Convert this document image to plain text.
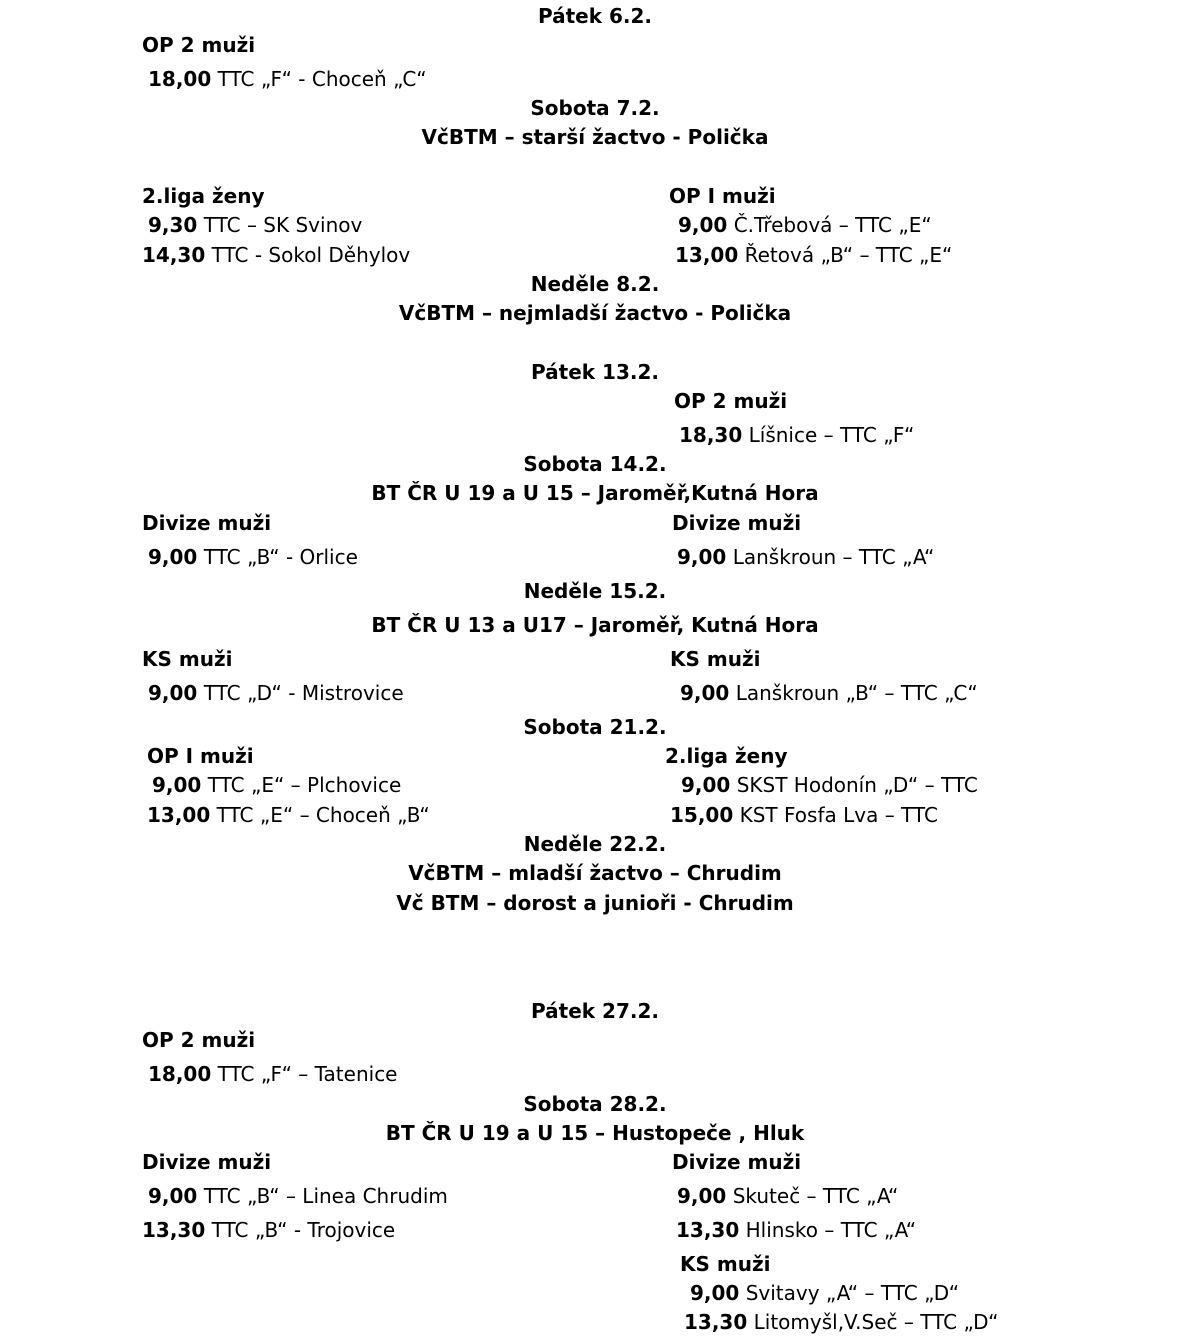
Pátek 6.2.
OP 2 muži
18,00 TTC „F“ - Choceň „C“
Sobota 7.2.
VčBTM – starší žactvo - Polička
2.liga ženy	OP I muži
9,30 TTC – SK Svinov	9,00 Č.Třebová – TTC „E“
14,30 TTC - Sokol Děhylov	13,00 Řetová „B“ – TTC „E“
Neděle 8.2.
VčBTM – nejmladší žactvo - Polička
Pátek 13.2.
OP 2 muži
18,30 Líšnice – TTC „F“
Sobota 14.2.
BT ČR U 19 a U 15 – Jaroměř,Kutná Hora
Divize muži	Divize muži
9,00 TTC „B“ - Orlice	9,00 Lanškroun – TTC „A“
Neděle 15.2.
BT ČR U 13 a U17 – Jaroměř, Kutná Hora
KS muži	KS muži
9,00 TTC „D“ - Mistrovice	9,00 Lanškroun „B“ – TTC „C“
Sobota 21.2.
OP I muži	2.liga ženy
9,00 TTC „E“ – Plchovice	9,00 SKST Hodonín „D“ – TTC
13,00 TTC „E“ – Choceň „B“	15,00 KST Fosfa Lva – TTC
Neděle 22.2.
VčBTM – mladší žactvo – Chrudim
Vč BTM – dorost a junioři - Chrudim
Pátek 27.2.
OP 2 muži
18,00 TTC „F“ – Tatenice
Sobota 28.2.
BT ČR U 19 a U 15 – Hustopeče , Hluk
Divize muži	Divize muži
9,00 TTC „B“ – Linea Chrudim	9,00 Skuteč – TTC „A“
13,30 TTC „B“ - Trojovice	13,30 Hlinsko – TTC „A“
KS muži
9,00 Svitavy „A“ – TTC „D“
13,30 Litomyšl,V.Seč – TTC „D“
